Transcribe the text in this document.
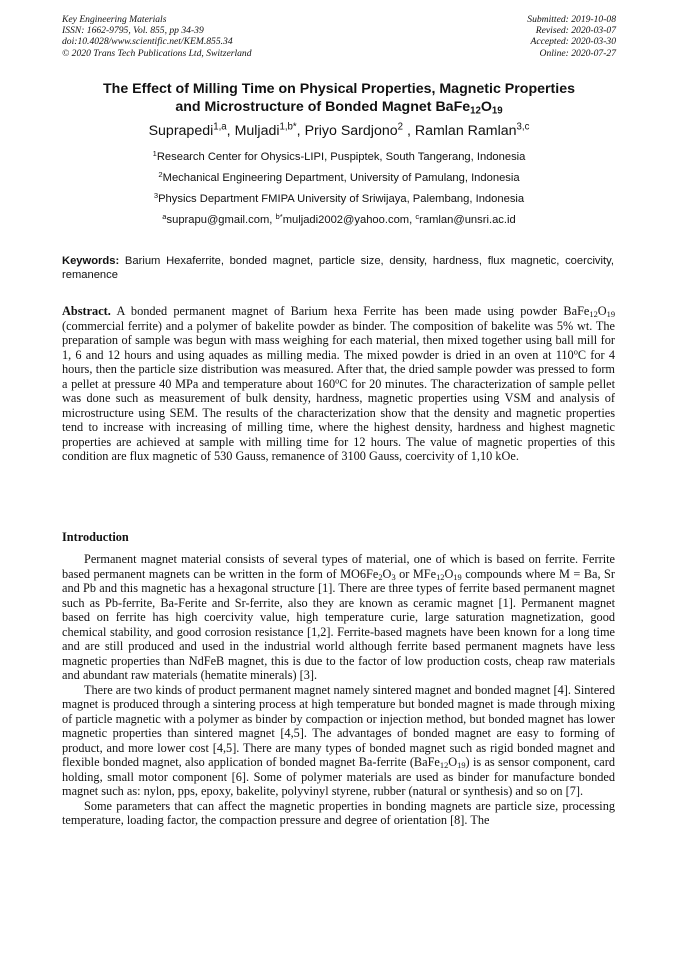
Key Engineering Materials
ISSN: 1662-9795, Vol. 855, pp 34-39
doi:10.4028/www.scientific.net/KEM.855.34
© 2020 Trans Tech Publications Ltd, Switzerland
Submitted: 2019-10-08
Revised: 2020-03-07
Accepted: 2020-03-30
Online: 2020-07-27
The Effect of Milling Time on Physical Properties, Magnetic Properties
and Microstructure of Bonded Magnet $BaFe_{12}O_{19}$
Suprapedi$^{1,a}$, Muljadi$^{1,b*}$, Priyo Sardjono$^2$ , Ramlan Ramlan$^{3,c}$
$^1$Research Center for Ohysics-LIPI, Puspiptek, South Tangerang, Indonesia
$^2$Mechanical Engineering Department, University of Pamulang, Indonesia
$^3$Physics Department FMIPA University of Sriwijaya, Palembang, Indonesia
$^a$suprapu@gmail.com, $^{b*}$muljadi2002@yahoo.com, $^c$ramlan@unsri.ac.id
Keywords: Barium Hexaferrite, bonded magnet, particle size, density, hardness, flux magnetic, coercivity, remanence
Abstract. A bonded permanent magnet of Barium hexa Ferrite has been made using powder $BaFe_{12}O_{19}$ (commercial ferrite) and a polymer of bakelite powder as binder. The composition of bakelite was 5% wt. The preparation of sample was begun with mass weighing for each material, then mixed together using ball mill for 1, 6 and 12 hours and using aquades as milling media. The mixed powder is dried in an oven at 110$^o$C for 4 hours, then the particle size distribution was measured. After that, the dried sample powder was pressed to form a pellet at pressure 40 MPa and temperature about 160$^o$C for 20 minutes. The characterization of sample pellet was done such as measurement of bulk density, hardness, magnetic properties using VSM and analysis of microstructure using SEM. The results of the characterization show that the density and magnetic properties tend to increase with increasing of milling time, where the highest density, hardness and highest magnetic properties are achieved at sample with milling time for 12 hours. The value of magnetic properties of this condition are flux magnetic of 530 Gauss, remanence of 3100 Gauss, coercivity of 1,10 kOe.
Introduction

Permanent magnet material consists of several types of material, one of which is based on ferrite. Ferrite based permanent magnets can be written in the form of $MO6Fe_2O_3$ or $MFe_{12}O_{19}$ compounds where M = Ba, Sr and Pb and this magnetic has a hexagonal structure [1]. There are three types of ferrite based permanent magnet such as Pb-ferrite, Ba-Ferite and Sr-ferrite, also they are known as ceramic magnet [1]. Permanent magnet based on ferrite has high coercivity value, high temperature curie, large saturation magnetization, good chemical stability, and good corrosion resistance [1,2]. Ferrite-based magnets have been known for a long time and are still produced and used in the industrial world although ferrite based permanent magnets have less magnetic properties than NdFeB magnet, this is due to the factor of low production costs, cheap raw materials and abundant raw materials (hematite minerals) [3].

There are two kinds of product permanent magnet namely sintered magnet and bonded magnet [4]. Sintered magnet is produced through a sintering process at high temperature but bonded magnet is made through mixing of particle magnetic with a polymer as binder by compaction or injection method, but bonded magnet has lower magnetic properties than sintered magnet [4,5]. The advantages of bonded magnet are easy to forming of product, and more lower cost [4,5]. There are many types of bonded magnet such as rigid bonded magnet and flexible bonded magnet, also application of bonded magnet Ba-ferrite $(BaFe_{12}O_{19})$ is as sensor component, card holding, small motor component [6]. Some of polymer materials are used as binder for manufacture bonded magnet such as: nylon, pps, epoxy, bakelite, polyvinyl styrene, rubber (natural or synthesis) and so on [7].

Some parameters that can affect the magnetic properties in bonding magnets are particle size, processing temperature, loading factor, the compaction pressure and degree of orientation [8]. The
